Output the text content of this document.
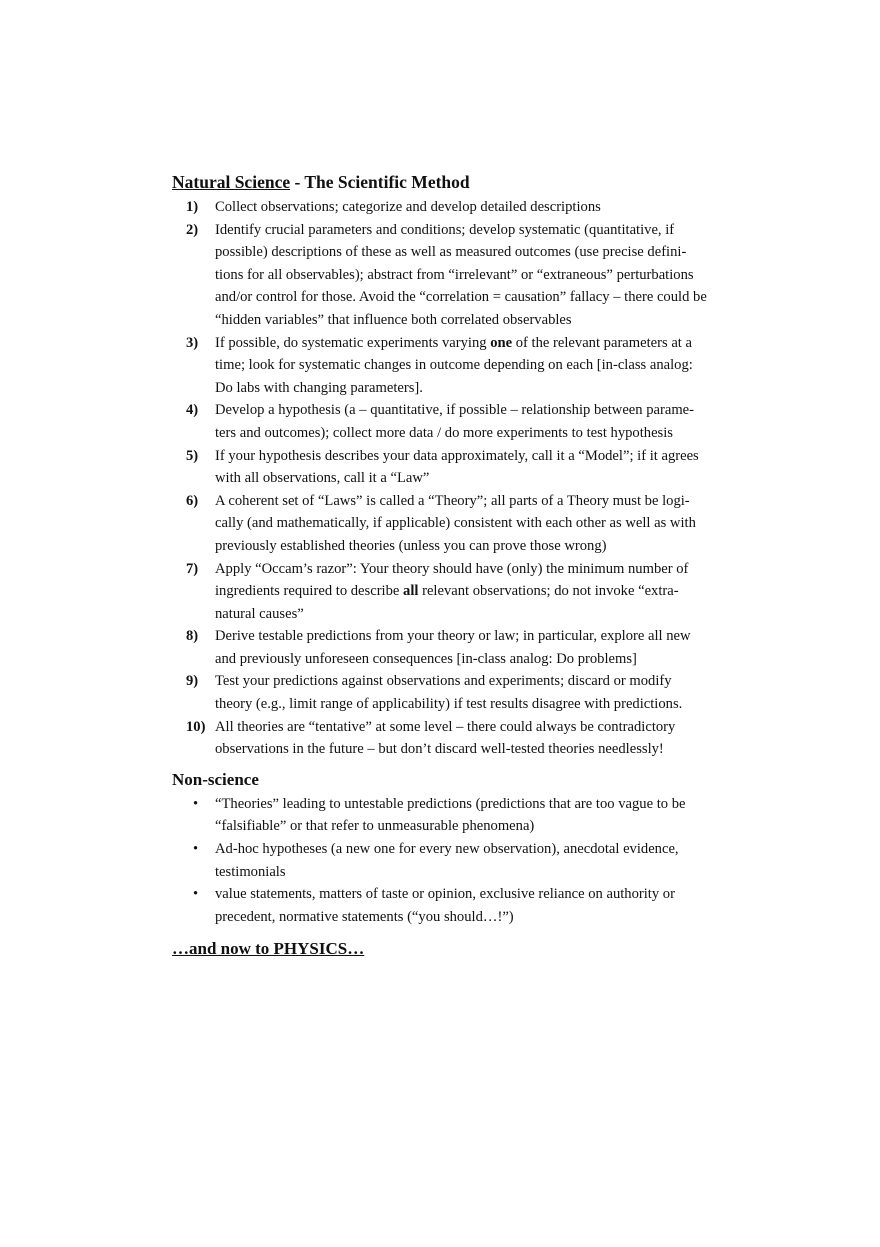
Natural Science - The Scientific Method
1) Collect observations; categorize and develop detailed descriptions
2) Identify crucial parameters and conditions; develop systematic (quantitative, if possible) descriptions of these as well as measured outcomes (use precise defini-tions for all observables); abstract from “irrelevant” or “extraneous” perturbations and/or control for those. Avoid the “correlation = causation” fallacy – there could be “hidden variables” that influence both correlated observables
3) If possible, do systematic experiments varying one of the relevant parameters at a time; look for systematic changes in outcome depending on each [in-class analog: Do labs with changing parameters].
4) Develop a hypothesis (a – quantitative, if possible – relationship between parame-ters and outcomes); collect more data / do more experiments to test hypothesis
5) If your hypothesis describes your data approximately, call it a “Model”; if it agrees with all observations, call it a “Law”
6) A coherent set of “Laws” is called a “Theory”; all parts of a Theory must be logi-cally (and mathematically, if applicable) consistent with each other as well as with previously established theories (unless you can prove those wrong)
7) Apply “Occam’s razor”: Your theory should have (only) the minimum number of ingredients required to describe all relevant observations; do not invoke “extra-natural causes”
8) Derive testable predictions from your theory or law; in particular, explore all new and previously unforeseen consequences [in-class analog: Do problems]
9) Test your predictions against observations and experiments; discard or modify theory (e.g., limit range of applicability) if test results disagree with predictions.
10) All theories are “tentative” at some level – there could always be contradictory observations in the future – but don’t discard well-tested theories needlessly!
Non-science
• “Theories” leading to untestable predictions (predictions that are too vague to be “falsifiable” or that refer to unmeasurable phenomena)
• Ad-hoc hypotheses (a new one for every new observation), anecdotal evidence, testimonials
• value statements, matters of taste or opinion, exclusive reliance on authority or precedent, normative statements (“you should…!”)
…and now to PHYSICS…
